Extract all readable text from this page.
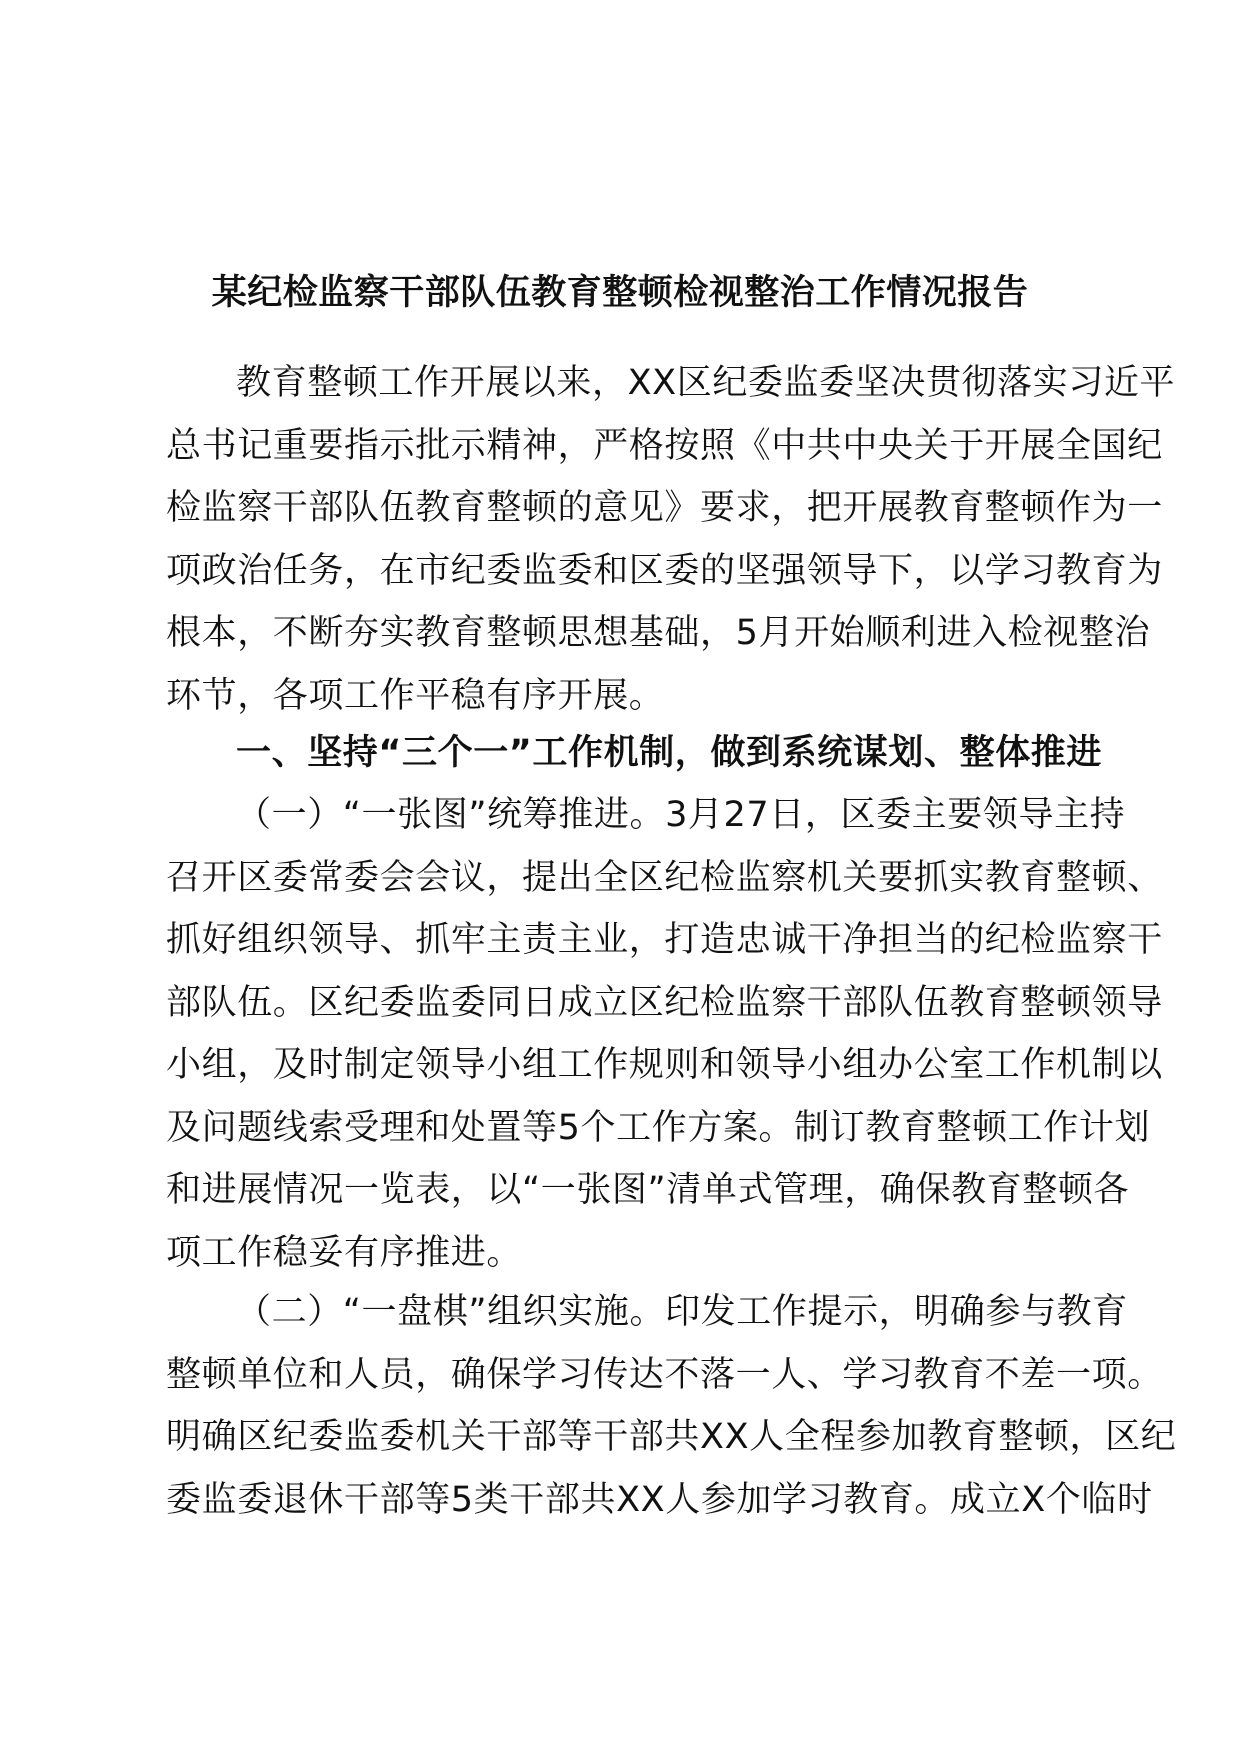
某纪检监察干部队伍教育整顿检视整治工作情况报告

教育整顿工作开展以来，XX区纪委监委坚决贯彻落实习近平
总书记重要指示批示精神，严格按照《中共中央关于开展全国纪
检监察干部队伍教育整顿的意见》要求，把开展教育整顿作为一
项政治任务，在市纪委监委和区委的坚强领导下，以学习教育为
根本，不断夯实教育整顿思想基础，5月开始顺利进入检视整治
环节，各项工作平稳有序开展。

一、坚持“三个一”工作机制，做到系统谋划、整体推进

（一）“一张图”统筹推进。3月27日，区委主要领导主持
召开区委常委会会议，提出全区纪检监察机关要抓实教育整顿、
抓好组织领导、抓牢主责主业，打造忠诚干净担当的纪检监察干
部队伍。区纪委监委同日成立区纪检监察干部队伍教育整顿领导
小组，及时制定领导小组工作规则和领导小组办公室工作机制以
及问题线索受理和处置等5个工作方案。制订教育整顿工作计划
和进展情况一览表，以“一张图”清单式管理，确保教育整顿各
项工作稳妥有序推进。

（二）“一盘棋”组织实施。印发工作提示，明确参与教育
整顿单位和人员，确保学习传达不落一人、学习教育不差一项。
明确区纪委监委机关干部等干部共XX人全程参加教育整顿，区纪
委监委退休干部等5类干部共XX人参加学习教育。成立X个临时
